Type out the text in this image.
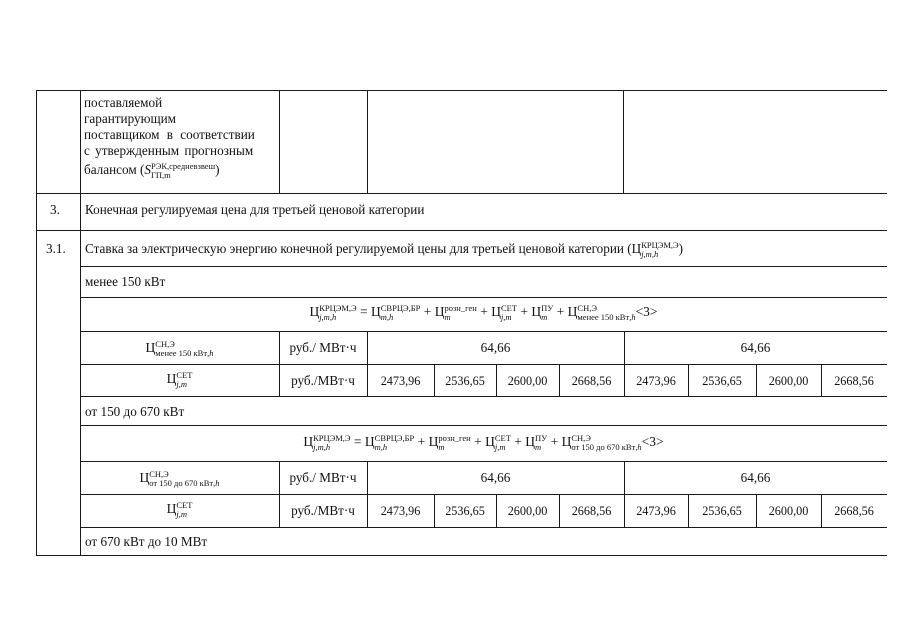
поставляемой
гарантирующим
поставщиком в соответствии
с утвержденным прогнозным
балансом (S РЭК,средневзвеш
ГП,m	)
3. Конечная регулируемая цена для третьей ценовой категории
3.1. Ставка за электрическую энергию конечной регулируемой цены для третьей ценовой категории (Ц КРЦЭМ,Э
j,m,h	)
менее 150 кВт
Ц КРЦЭМ,Э
j,m,h	= Ц СВРЦЭ,БР
m,h	+ Ц розн_ген
m	+ Ц СЕТ
j,m + Ц ПУ
m + Ц СН,Э
менее 150 кВт,h <3>
Ц СН,Э
менее 150 кВт,h	руб./ МВт·ч	64,66	64,66
Ц СЕТ
j,m	руб./МВт·ч	2473,96	2536,65	2600,00	2668,56	2473,96	2536,65	2600,00	2668,56
от 150 до 670 кВт
Ц КРЦЭМ,Э
j,m,h	= Ц СВРЦЭ,БР
m,h	+ Ц розн_ген
m	+ Ц СЕТ
j,m + Ц ПУ
m + Ц СН,Э
от 150 до 670 кВт,h <3>
Ц СН,Э
от 150 до 670 кВт,h	руб./ МВт·ч	64,66	64,66
Ц СЕТ
j,m	руб./МВт·ч	2473,96	2536,65	2600,00	2668,56	2473,96	2536,65	2600,00	2668,56
от 670 кВт до 10 МВт
